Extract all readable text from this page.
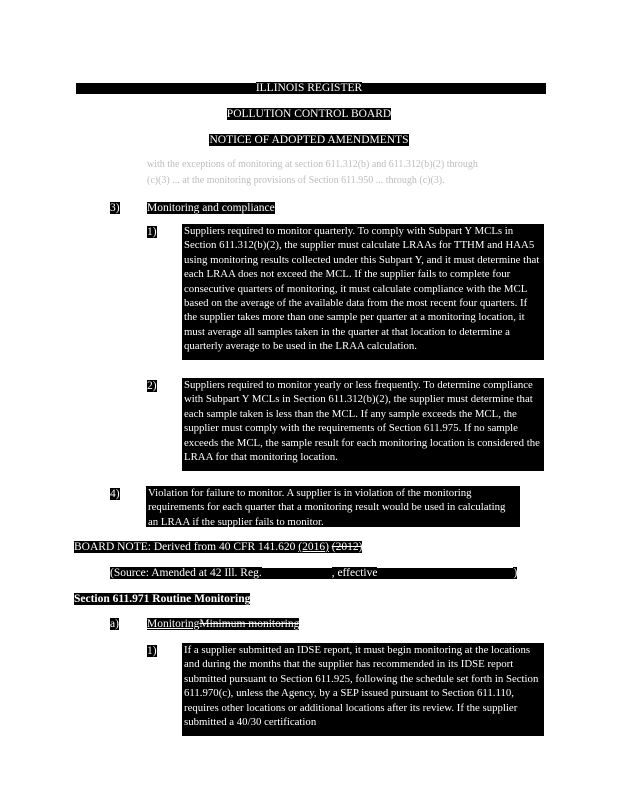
ILLINOIS REGISTER
POLLUTION CONTROL BOARD
NOTICE OF ADOPTED AMENDMENTS
with the exceptions of monitoring at section 611.312(b) and 611.312(b)(2) through
(c)(3) ... at the monitoring provisions of Section 611.950 ... through (c)(3).
3) Monitoring and compliance
1)	Suppliers required to monitor quarterly. To comply with Subpart Y MCLs in Section 611.312(b)(2), the supplier must calculate LRAAs for TTHM and HAA5 using monitoring results collected under this Subpart Y, and it must determine that each LRAA does not exceed the MCL. If the supplier fails to complete four consecutive quarters of monitoring, it must calculate compliance with the MCL based on the average of the available data from the most recent four quarters. If the supplier takes more than one sample per quarter at a monitoring location, it must average all samples taken in the quarter at that location to determine a quarterly average to be used in the LRAA calculation.
2)	Suppliers required to monitor yearly or less frequently. To determine compliance with Subpart Y MCLs in Section 611.312(b)(2), the supplier must determine that each sample taken is less than the MCL. If any sample exceeds the MCL, the supplier must comply with the requirements of Section 611.975. If no sample exceeds the MCL, the sample result for each monitoring location is considered the LRAA for that monitoring location.
4)	Violation for failure to monitor. A supplier is in violation of the monitoring requirements for each quarter that a monitoring result would be used in calculating an LRAA if the supplier fails to monitor.
BOARD NOTE: Derived from 40 CFR 141.620 (2016) (2012)
(Source: Amended at 42 Ill. Reg.	, effective	)
Section 611.971 Routine Monitoring
a) MonitoringMinimum monitoring
1)	If a supplier submitted an IDSE report, it must begin monitoring at the locations and during the months that the supplier has recommended in its IDSE report submitted pursuant to Section 611.925, following the schedule set forth in Section 611.970(c), unless the Agency, by a SEP issued pursuant to Section 611.110, requires other locations or additional locations after its review. If the supplier submitted a 40/30 certification
